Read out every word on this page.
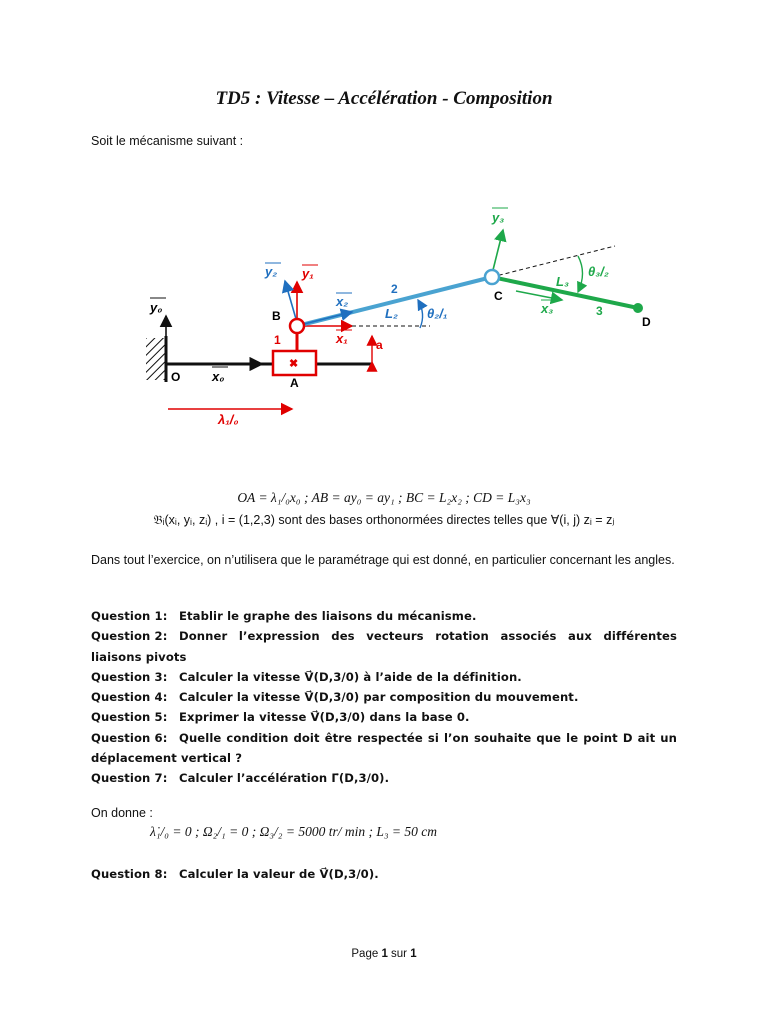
TD5 : Vitesse – Accélération - Composition
Soit le mécanisme suivant :
y₀
O x₀
✖
A
1
λ₁/₀
a
x₁
y₁
x₂
y₂
2
L₂ θ₂/₁
B	D
x₃
y₃
L₃
3
θ₃/₂
C
OA = λ₁/₀x₀ ; AB = ay₀ = ay₁ ; BC = L₂x₂ ; CD = L₃x₃
𝔅ᵢ(xᵢ, yᵢ, zᵢ) , i = (1,2,3) sont des bases orthonormées directes telles que ∀(i, j) zᵢ = zⱼ
Dans tout l’exercice, on n’utilisera que le paramétrage qui est donné, en particulier concernant les angles.
Question 1: Etablir le graphe des liaisons du mécanisme.
Question 2: Donner l’expression des vecteurs rotation associés aux différentes liaisons pivots
Question 3: Calculer la vitesse V⃗(D,3/0) à l’aide de la définition.
Question 4: Calculer la vitesse V⃗(D,3/0) par composition du mouvement.
Question 5: Exprimer la vitesse V⃗(D,3/0) dans la base 0.
Question 6: Quelle condition doit être respectée si l’on souhaite que le point D ait un déplacement vertical ?
Question 7: Calculer l’accélération Γ⃗(D,3/0).
On donne :
λ̇₁/₀ = 0 ; Ω₂/₁ = 0 ; Ω₃/₂ = 5000 tr/ min ; L₃ = 50 cm
Question 8: Calculer la valeur de V⃗(D,3/0).
Page 1 sur 1
